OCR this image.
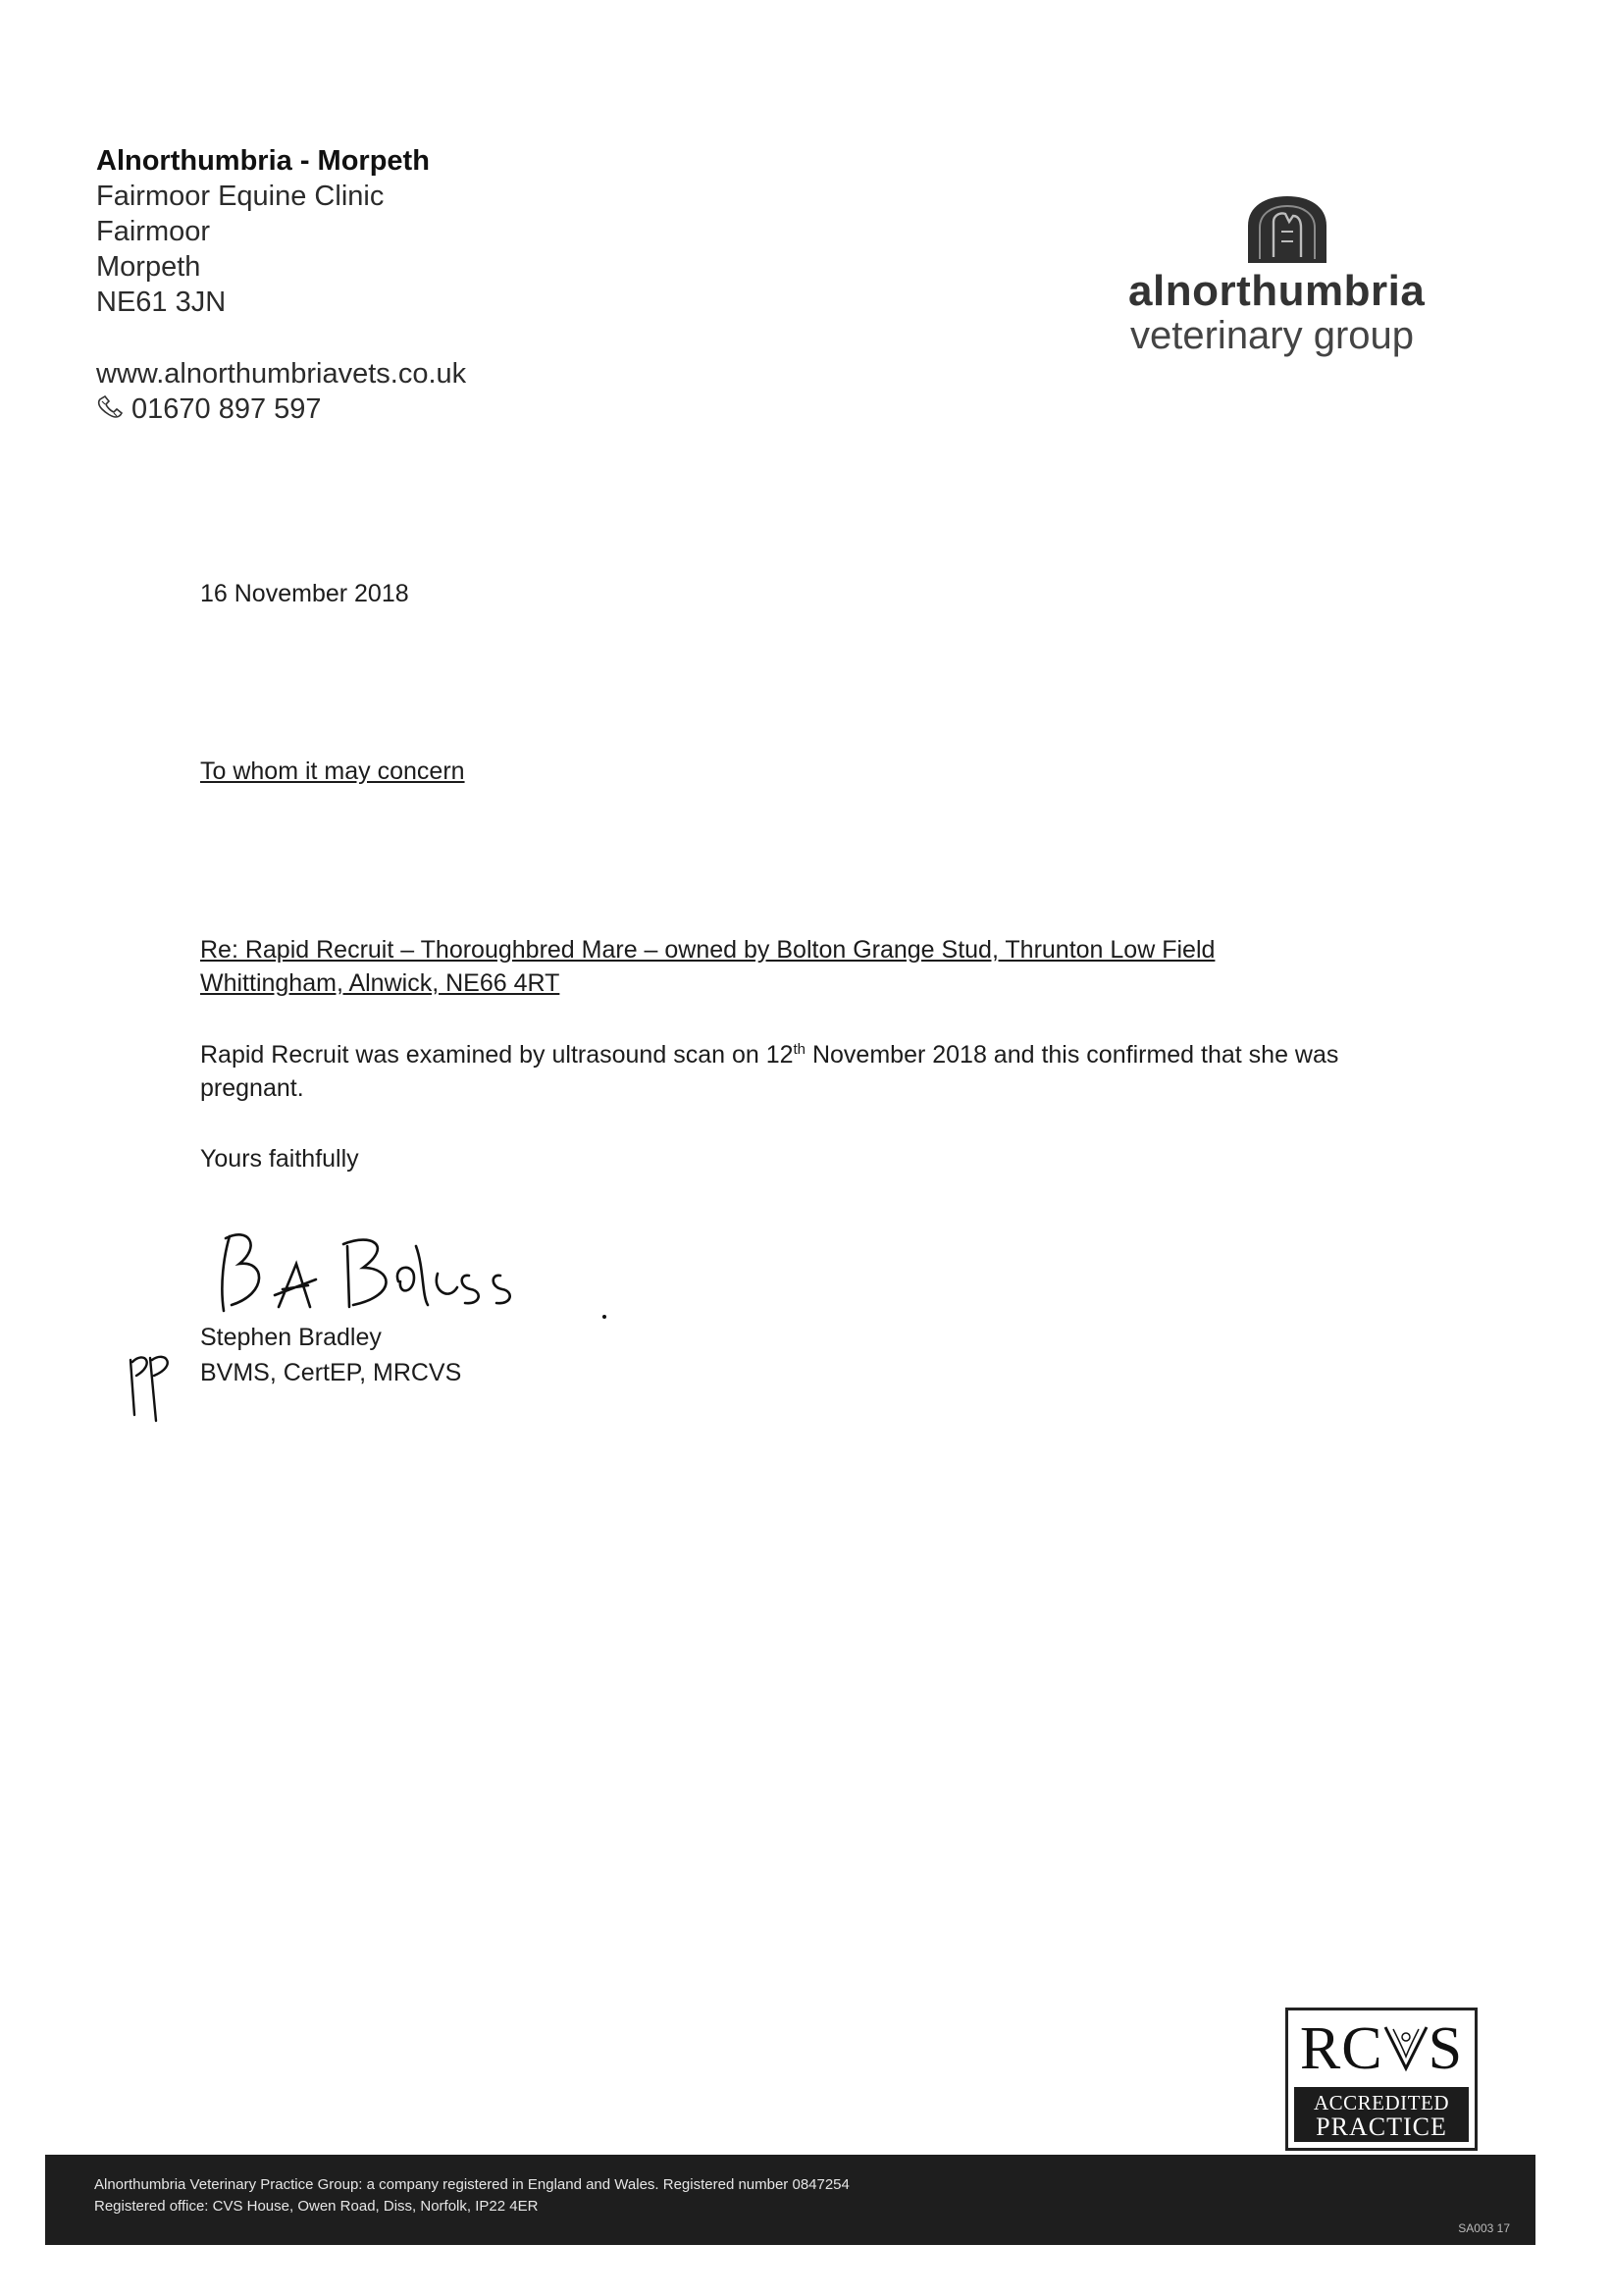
Alnorthumbria - Morpeth
Fairmoor Equine Clinic
Fairmoor
Morpeth
NE61 3JN
www.alnorthumbriavets.co.uk
01670 897 597
alnorthumbria
veterinary group
16 November 2018
To whom it may concern
Re: Rapid Recruit – Thoroughbred Mare – owned by Bolton Grange Stud, Thrunton Low Field
Whittingham, Alnwick, NE66 4RT
Rapid Recruit was examined by ultrasound scan on 12th November 2018 and this confirmed that she was pregnant.
Yours faithfully
Stephen Bradley
BVMS, CertEP, MRCVS
RC S
ACCREDITED
PRACTICE
Alnorthumbria Veterinary Practice Group: a company registered in England and Wales. Registered number 0847254
Registered office: CVS House, Owen Road, Diss, Norfolk, IP22 4ER
SA003 17
